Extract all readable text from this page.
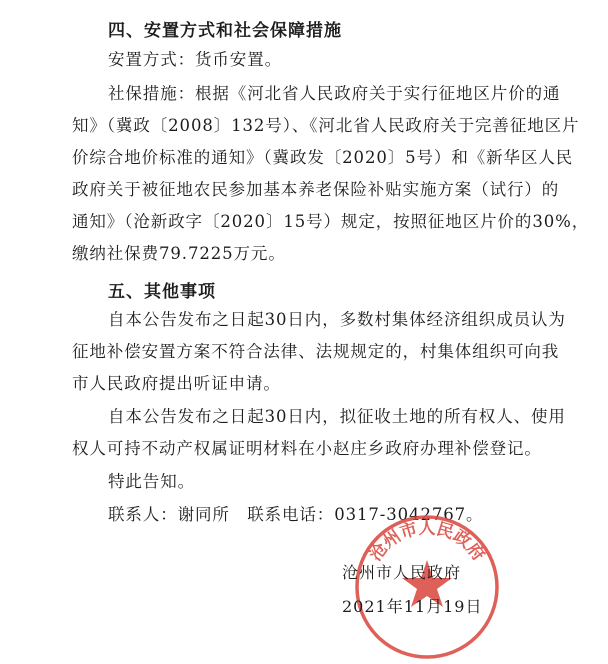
四、安置方式和社会保障措施
安置方式：货币安置。
社保措施：根据《河北省人民政府关于实行征地区片价的通
知》（冀政〔2008〕132号）、《河北省人民政府关于完善征地区片
价综合地价标准的通知》（冀政发〔2020〕5号）和《新华区人民
政府关于被征地农民参加基本养老保险补贴实施方案（试行）的
通知》（沧新政字〔2020〕15号）规定，按照征地区片价的30%，
缴纳社保费79.7225万元。
五、其他事项
自本公告发布之日起30日内，多数村集体经济组织成员认为
征地补偿安置方案不符合法律、法规规定的，村集体组织可向我
市人民政府提出听证申请。
自本公告发布之日起30日内，拟征收土地的所有权人、使用
权人可持不动产权属证明材料在小赵庄乡政府办理补偿登记。
特此告知。
联系人：谢同所　联系电话：0317-3042767。
沧州市人民政府
沧州市人民政府
2021年11月19日
